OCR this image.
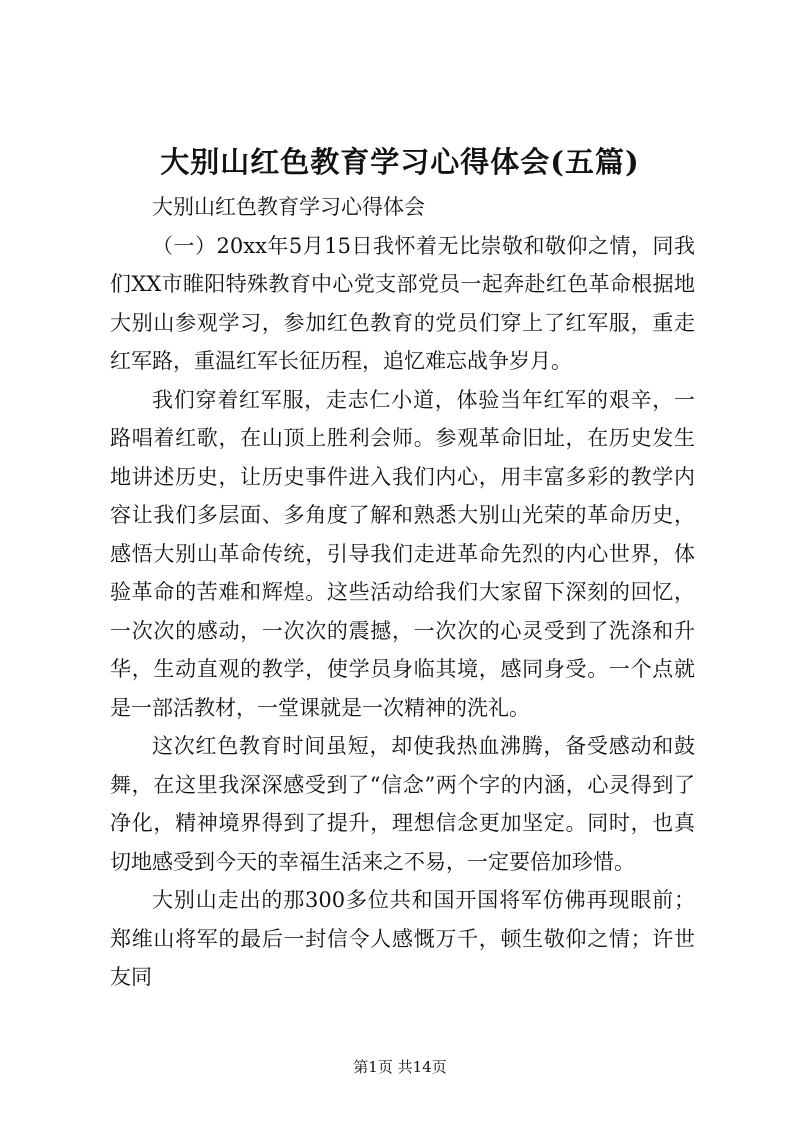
大别山红色教育学习心得体会(五篇)

大别山红色教育学习心得体会

（一）20xx年5月15日我怀着无比崇敬和敬仰之情，同我们XX市睢阳特殊教育中心党支部党员一起奔赴红色革命根据地大别山参观学习，参加红色教育的党员们穿上了红军服，重走红军路，重温红军长征历程，追忆难忘战争岁月。

我们穿着红军服，走志仁小道，体验当年红军的艰辛，一路唱着红歌，在山顶上胜利会师。参观革命旧址，在历史发生地讲述历史，让历史事件进入我们内心，用丰富多彩的教学内容让我们多层面、多角度了解和熟悉大别山光荣的革命历史，感悟大别山革命传统，引导我们走进革命先烈的内心世界，体验革命的苦难和辉煌。这些活动给我们大家留下深刻的回忆，一次次的感动，一次次的震撼，一次次的心灵受到了洗涤和升华，生动直观的教学，使学员身临其境，感同身受。一个点就是一部活教材，一堂课就是一次精神的洗礼。

这次红色教育时间虽短，却使我热血沸腾，备受感动和鼓舞，在这里我深深感受到了“信念”两个字的内涵，心灵得到了净化，精神境界得到了提升，理想信念更加坚定。同时，也真切地感受到今天的幸福生活来之不易，一定要倍加珍惜。

大别山走出的那300多位共和国开国将军仿佛再现眼前；郑维山将军的最后一封信令人感慨万千，顿生敬仰之情；许世友同

第1页 共14页
